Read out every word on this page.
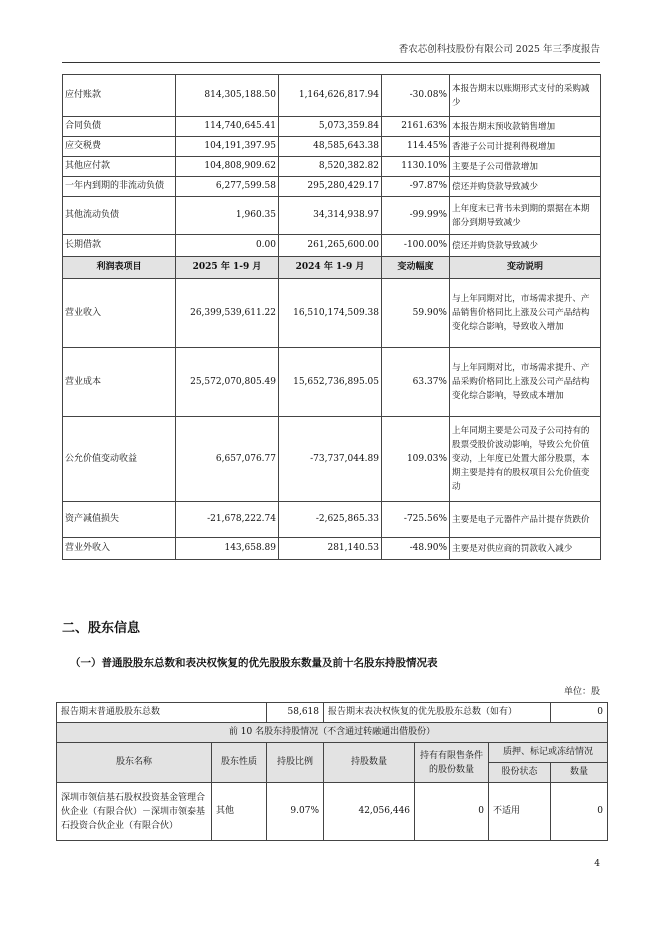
香农芯创科技股份有限公司 2025 年三季度报告
应付账款	814,305,188.50	1,164,626,817.94	-30.08%	本报告期末以账期形式支付的采购减少
合同负债	114,740,645.41	5,073,359.84	2161.63%	本报告期末预收款销售增加
应交税费	104,191,397.95	48,585,643.38	114.45%	香港子公司计提利得税增加
其他应付款	104,808,909.62	8,520,382.82	1130.10%	主要是子公司借款增加
一年内到期的非流动负债	6,277,599.58	295,280,429.17	-97.87%	偿还并购贷款导致减少
其他流动负债	1,960.35	34,314,938.97	-99.99%	上年度末已背书未到期的票据在本期部分到期导致减少
长期借款	0.00	261,265,600.00	-100.00%	偿还并购贷款导致减少
利润表项目	2025 年 1-9 月	2024 年 1-9 月	变动幅度	变动说明
营业收入	26,399,539,611.22	16,510,174,509.38	59.90%	与上年同期对比，市场需求提升、产品销售价格同比上涨及公司产品结构变化综合影响，导致收入增加
营业成本	25,572,070,805.49	15,652,736,895.05	63.37%	与上年同期对比，市场需求提升、产品采购价格同比上涨及公司产品结构变化综合影响，导致成本增加
公允价值变动收益	6,657,076.77	-73,737,044.89	109.03%	上年同期主要是公司及子公司持有的股票受股价波动影响，导致公允价值变动，上年度已处置大部分股票，本期主要是持有的股权项目公允价值变动
资产减值损失	-21,678,222.74	-2,625,865.33	-725.56%	主要是电子元器件产品计提存货跌价
营业外收入	143,658.89	281,140.53	-48.90%	主要是对供应商的罚款收入减少
二、股东信息
（一）普通股股东总数和表决权恢复的优先股股东数量及前十名股东持股情况表
单位：股
报告期末普通股股东总数		58,618	报告期末表决权恢复的优先股股东总数（如有）			0
前 10 名股东持股情况（不含通过转融通出借股份）						
股东名称	股东性质	持股比例	持股数量	持有有限售条件的股份数量	质押、标记或冻结情况	
					股份状态	数量
深圳市领信基石股权投资基金管理合伙企业（有限合伙）－深圳市领泰基石投资合伙企业（有限合伙）	其他	9.07%	42,056,446	0	不适用	0
4
